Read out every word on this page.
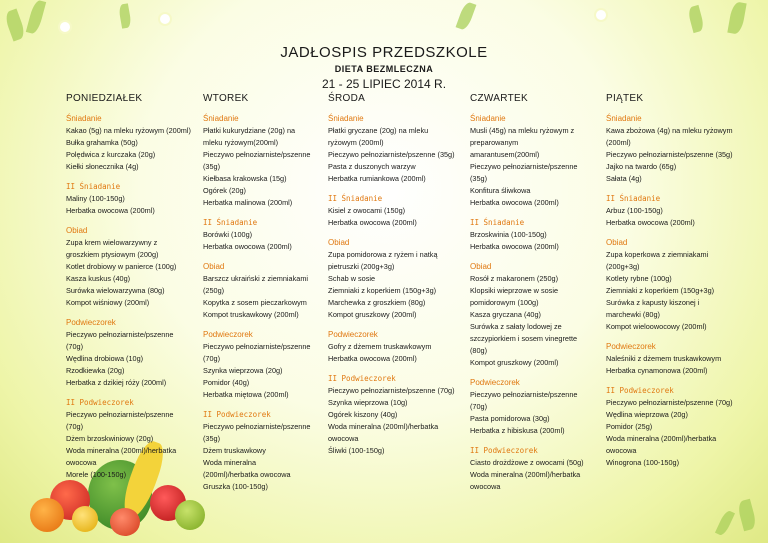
JADŁOSPIS PRZEDSZKOLE
DIETA BEZMLECZNA
21 - 25 LIPIEC 2014 R.
PONIEDZIAŁEK	WTOREK	ŚRODA	CZWARTEK	PIĄTEK
Śniadanie
Kakao (5g) na mleku ryżowym (200ml)
Bułka grahamka (50g)
Polędwica z kurczaka (20g)
Kiełki słonecznika (4g)
II Śniadanie
Maliny (100-150g)
Herbatka owocowa (200ml)
Obiad
Zupa krem wielowarzywny z
groszkiem ptysiowym (200g)
Kotlet drobiowy w panierce (100g)
Kasza kuskus (40g)
Surówka wielowarzywna (80g)
Kompot wiśniowy (200ml)
Podwieczorek
Pieczywo pełnoziarniste/pszenne
(70g)
Wędlina drobiowa (10g)
Rzodkiewka (20g)
Herbatka z dzikiej róży (200ml)
II Podwieczorek
Pieczywo pełnoziarniste/pszenne
(70g)
Dżem brzoskwiniowy (20g)
Woda mineralna (200ml)/herbatka
owocowa
Morele (100-150g)
Śniadanie
Płatki kukurydziane (20g) na
mleku ryżowym(200ml)
Pieczywo pełnoziarniste/pszenne
(35g)
Kiełbasa krakowska (15g)
Ogórek (20g)
Herbatka malinowa (200ml)
II Śniadanie
Borówki (100g)
Herbatka owocowa (200ml)
Obiad
Barszcz ukraiński z ziemniakami
(250g)
Kopytka z sosem pieczarkowym
Kompot truskawkowy (200ml)
Podwieczorek
Pieczywo pełnoziarniste/pszenne
(70g)
Szynka wieprzowa (20g)
Pomidor (40g)
Herbatka miętowa (200ml)
II Podwieczorek
Pieczywo pełnoziarniste/pszenne
(35g)
Dżem truskawkowy
Woda mineralna
(200ml)/herbatka owocowa
Gruszka (100-150g)
Śniadanie
Płatki gryczane (20g) na mleku
ryżowym (200ml)
Pieczywo pełnoziarniste/pszenne (35g)
Pasta z duszonych warzyw
Herbatka rumiankowa (200ml)
II Śniadanie
Kisiel z owocami (150g)
Herbatka owocowa (200ml)
Obiad
Zupa pomidorowa z ryżem i natką
pietruszki (200g+3g)
Schab w sosie
Ziemniaki z koperkiem (150g+3g)
Marchewka z groszkiem (80g)
Kompot gruszkowy (200ml)
Podwieczorek
Gofry z dżemem truskawkowym
Herbatka owocowa (200ml)
II Podwieczorek
Pieczywo pełnoziarniste/pszenne (70g)
Szynka wieprzowa (10g)
Ogórek kiszony (40g)
Woda mineralna (200ml)/herbatka
owocowa
Śliwki (100-150g)
Śniadanie
Musli (45g) na mleku ryżowym z
preparowanym
amarantusem(200ml)
Pieczywo pełnoziarniste/pszenne
(35g)
Konfitura śliwkowa
Herbatka owocowa (200ml)
II Śniadanie
Brzoskwinia (100-150g)
Herbatka owocowa (200ml)
Obiad
Rosół z makaronem (250g)
Klopsiki wieprzowe w sosie
pomidorowym (100g)
Kasza gryczana (40g)
Surówka z sałaty lodowej ze
szczypiorkiem i sosem vinegrette
(80g)
Kompot gruszkowy (200ml)
Podwieczorek
Pieczywo pełnoziarniste/pszenne
(70g)
Pasta pomidorowa (30g)
Herbatka z hibiskusa (200ml)
II Podwieczorek
Ciasto drożdżowe z owocami (50g)
Woda mineralna (200ml)/herbatka
owocowa
Śniadanie
Kawa zbożowa (4g) na mleku ryżowym
(200ml)
Pieczywo pełnoziarniste/pszenne (35g)
Jajko na twardo (65g)
Sałata (4g)
II Śniadanie
Arbuz (100-150g)
Herbatka owocowa (200ml)
Obiad
Zupa koperkowa z ziemniakami
(200g+3g)
Kotlety rybne (100g)
Ziemniaki z koperkiem (150g+3g)
Surówka z kapusty kiszonej i
marchewki (80g)
Kompot wieloowocowy (200ml)
Podwieczorek
Naleśniki z dżemem truskawkowym
Herbatka cynamonowa (200ml)
II Podwieczorek
Pieczywo pełnoziarniste/pszenne (70g)
Wędlina wieprzowa (20g)
Pomidor (25g)
Woda mineralna (200ml)/herbatka
owocowa
Winogrona (100-150g)
